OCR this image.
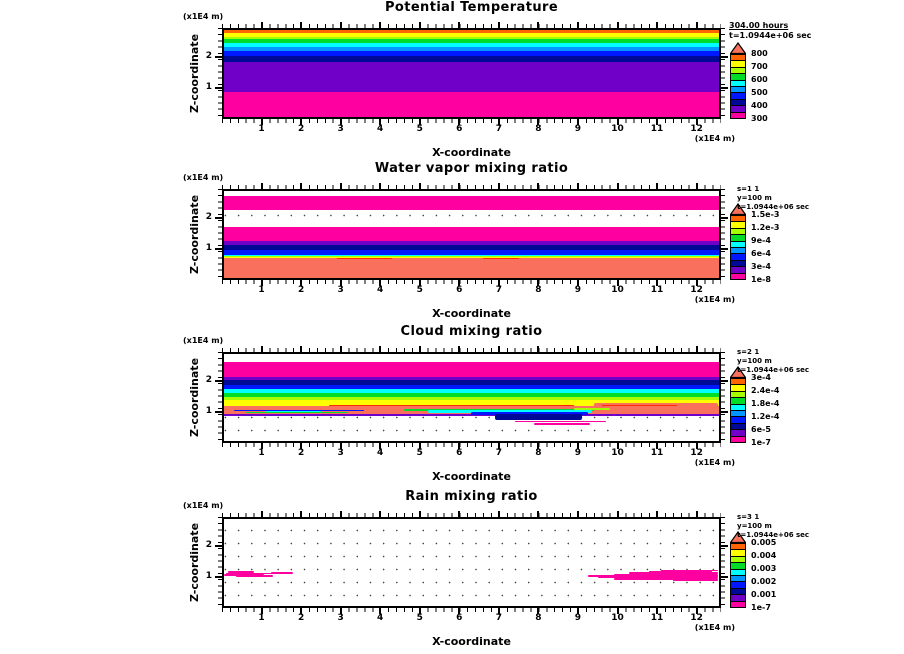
Potential Temperature
(x1E4 m)
Z-coordinate
(x1E4 m)
X-coordinate
304.00 hours
t=1.0944e+06 sec
1	2	3	4	5	6	7	8	9	10	11	12
1
2	800
700
600
500
400
300
Water vapor mixing ratio
(x1E4 m)
Z-coordinate
(x1E4 m)
X-coordinate
s=1 1
y=100 m
t=1.0944e+06 sec
1	2	3	4	5	6	7	8	9	10	11	12
1
2	1.5e-3
1.2e-3
9e-4
6e-4
3e-4
1e-8
Cloud mixing ratio
(x1E4 m)
Z-coordinate
(x1E4 m)
X-coordinate
s=2 1
y=100 m
t=1.0944e+06 sec
1	2	3	4	5	6	7	8	9	10	11	12
1
2	3e-4
2.4e-4
1.8e-4
1.2e-4
6e-5
1e-7
Rain mixing ratio
(x1E4 m)
Z-coordinate
(x1E4 m)
X-coordinate
s=3 1
y=100 m
t=1.0944e+06 sec
1	2	3	4	5	6	7	8	9	10	11	12
1
2	0.005
0.004
0.003
0.002
0.001
1e-7
